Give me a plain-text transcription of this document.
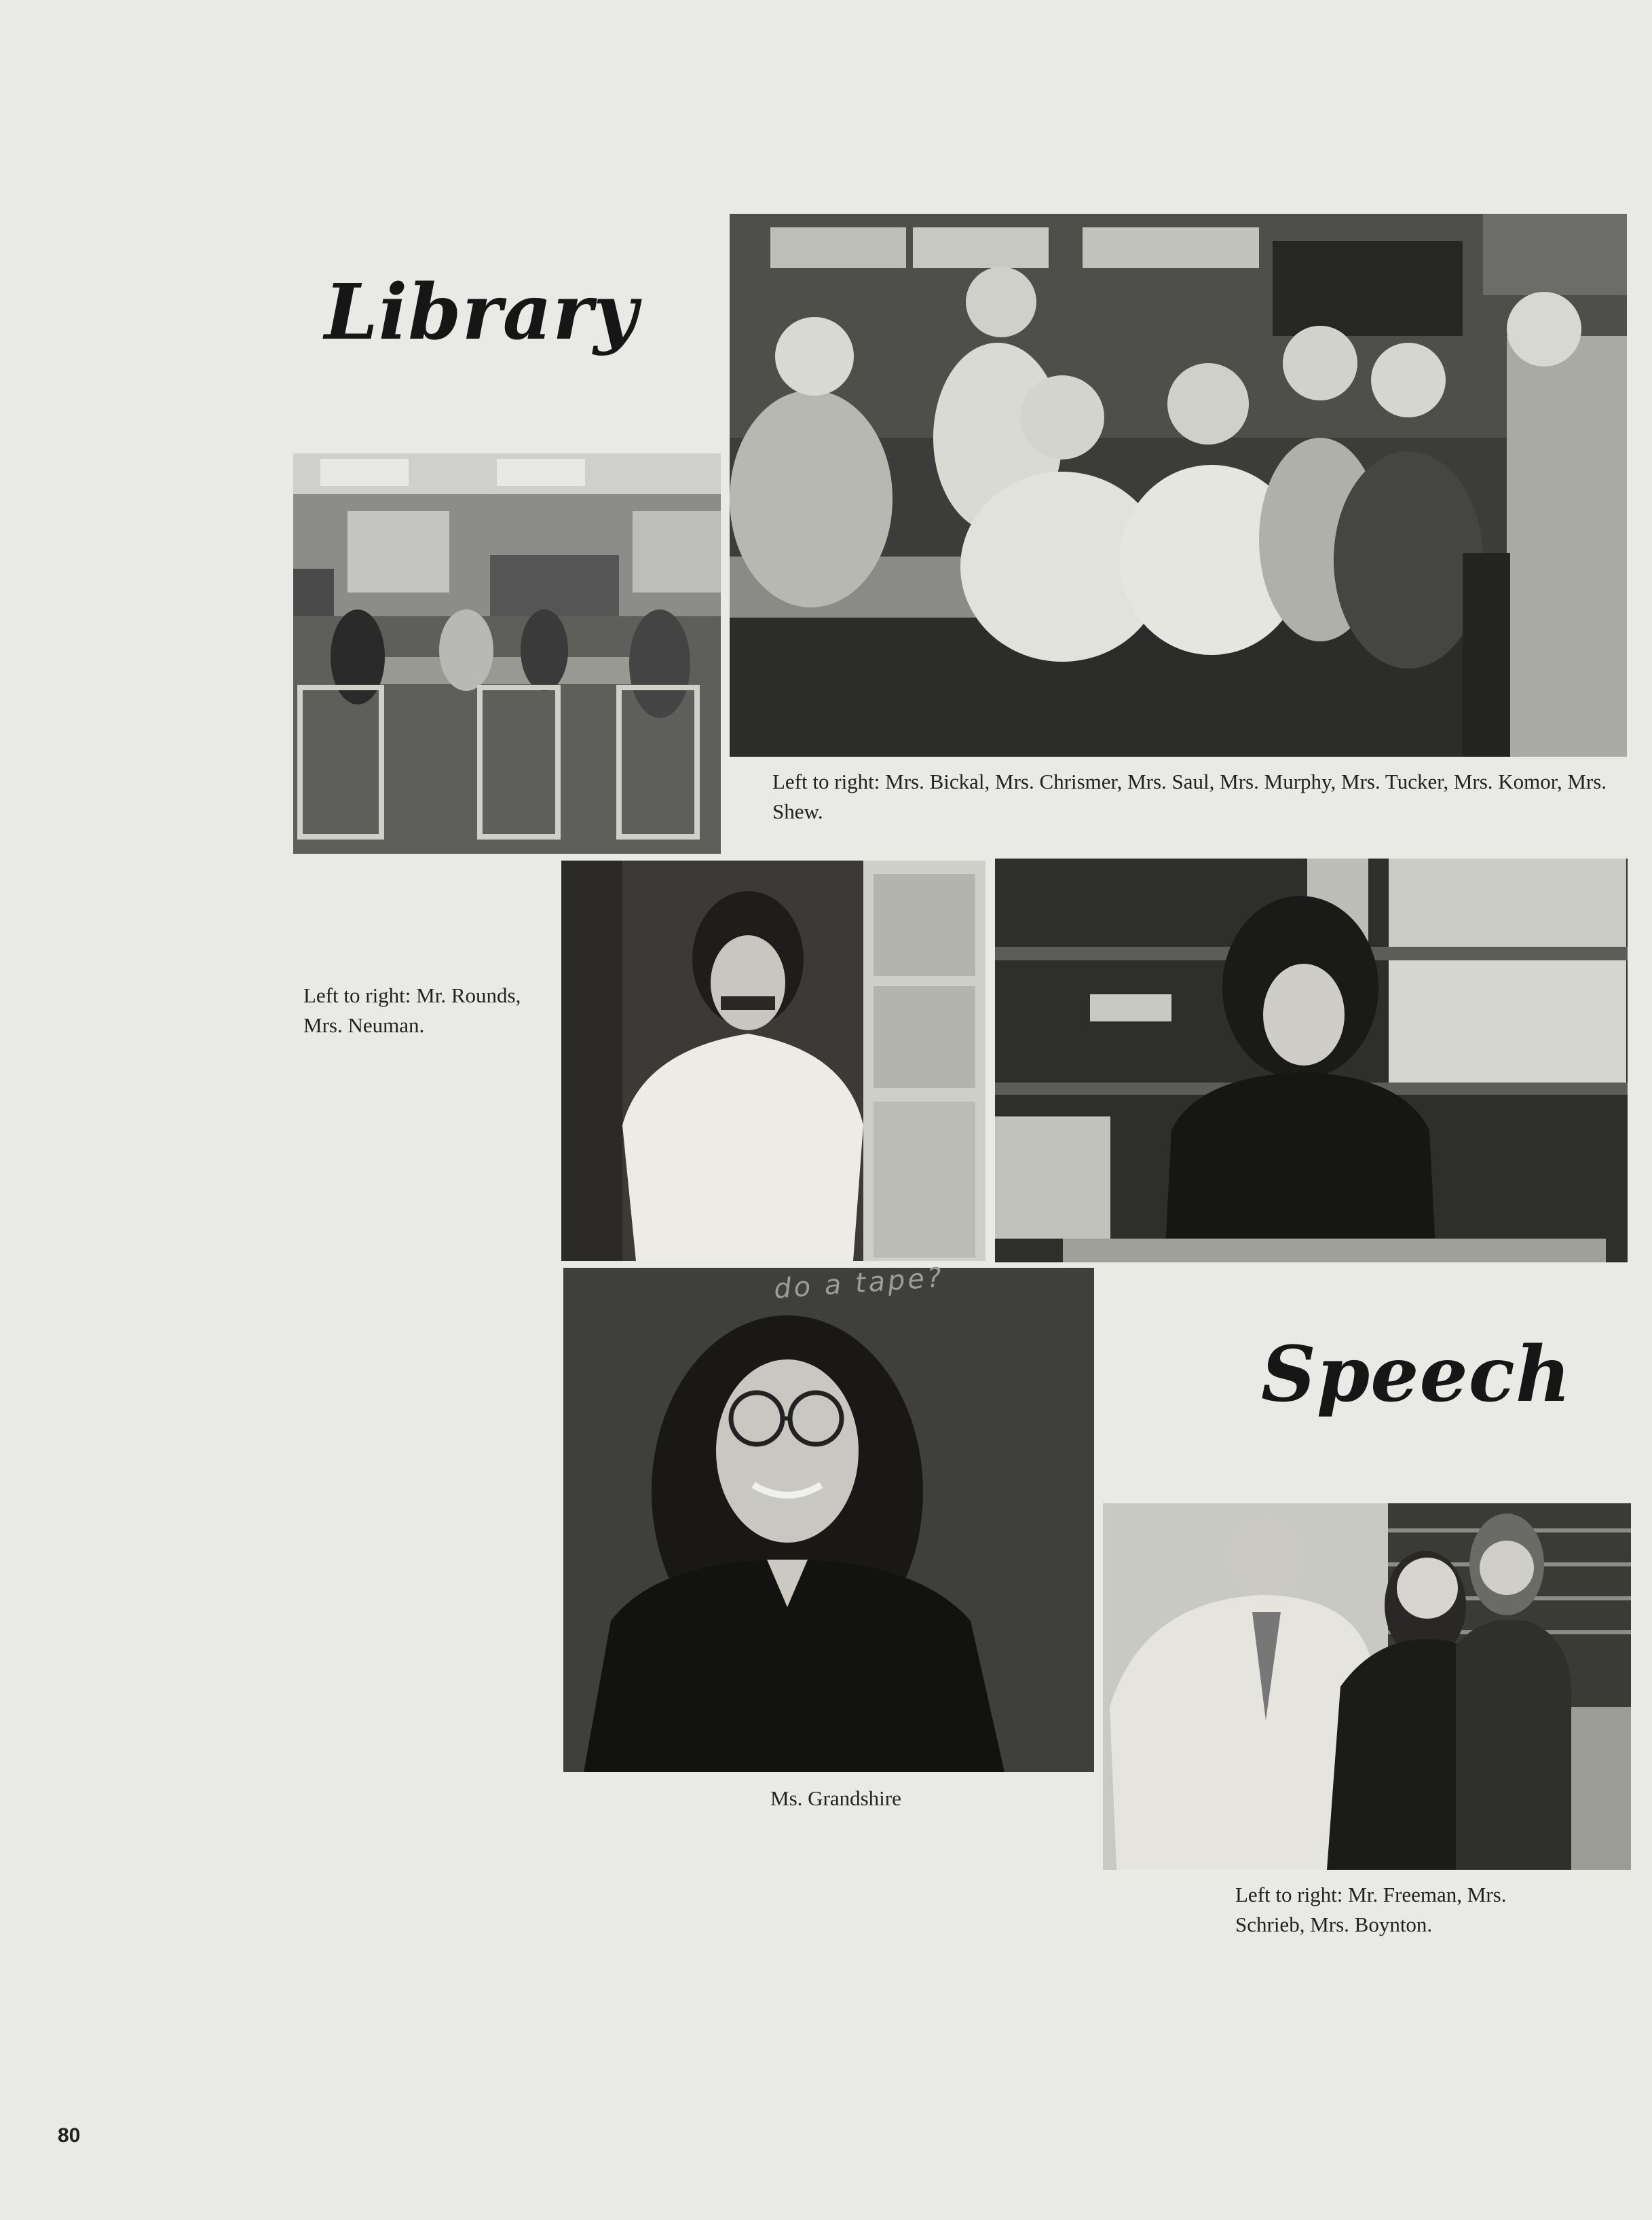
Library
Left to right: Mrs. Bickal, Mrs. Chrismer, Mrs. Saul, Mrs. Murphy, Mrs. Tucker, Mrs. Komor, Mrs. Shew.
Left to right: Mr. Rounds, Mrs. Neuman.
do a tape?
Ms. Grandshire
Speech
Left to right: Mr. Freeman, Mrs. Schrieb, Mrs. Boynton.
80
